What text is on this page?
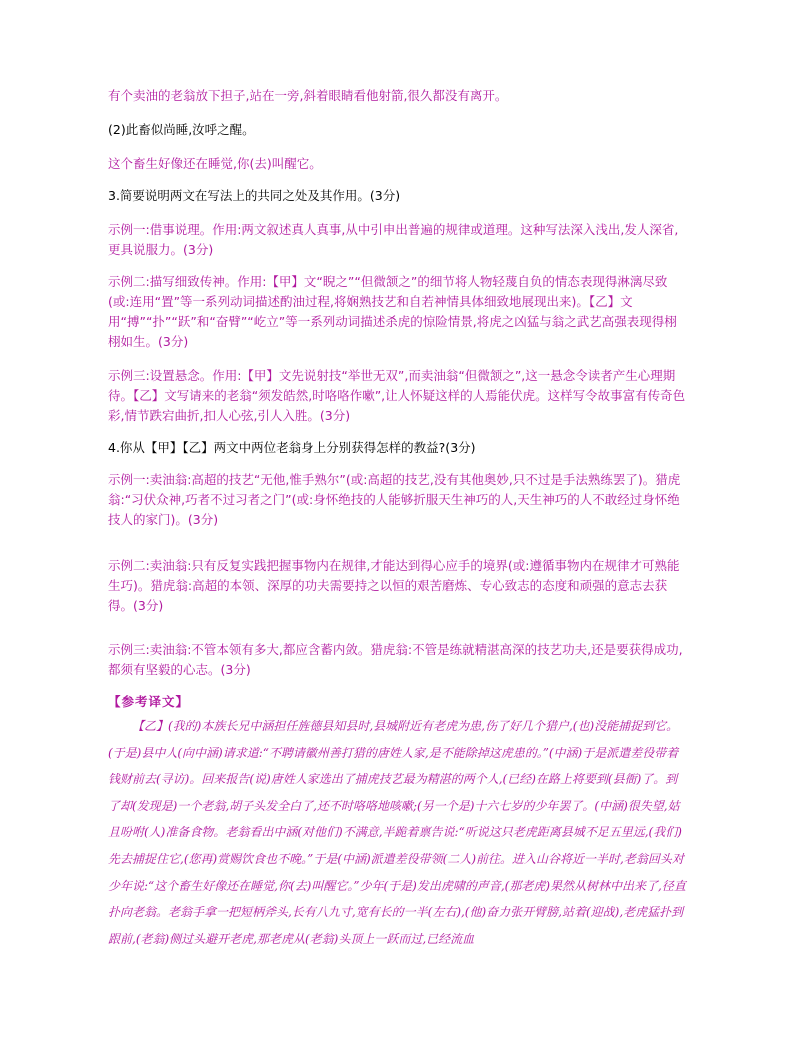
有个卖油的老翁放下担子,站在一旁,斜着眼睛看他射箭,很久都没有离开。

(2)此畜似尚睡,汝呼之醒。

这个畜生好像还在睡觉,你(去)叫醒它。

3.简要说明两文在写法上的共同之处及其作用。(3分)

示例一:借事说理。作用:两文叙述真人真事,从中引申出普遍的规律或道理。这种写法深入浅出,发人深省,更具说服力。(3分)

示例二:描写细致传神。作用:【甲】文“睨之”“但微颔之”的细节将人物轻蔑自负的情态表现得淋漓尽致(或:连用“置”等一系列动词描述酌油过程,将娴熟技艺和自若神情具体细致地展现出来)。【乙】文用“搏”“扑”“跃”和“奋臂”“屹立”等一系列动词描述杀虎的惊险情景,将虎之凶猛与翁之武艺高强表现得栩栩如生。(3分)

示例三:设置悬念。作用:【甲】文先说射技“举世无双”,而卖油翁“但微颔之”,这一悬念令读者产生心理期待。【乙】文写请来的老翁“须发皓然,时咯咯作嗽”,让人怀疑这样的人焉能伏虎。这样写令故事富有传奇色彩,情节跌宕曲折,扣人心弦,引人入胜。(3分)

4.你从【甲】【乙】两文中两位老翁身上分别获得怎样的教益?(3分)

示例一:卖油翁:高超的技艺“无他,惟手熟尔”(或:高超的技艺,没有其他奥妙,只不过是手法熟练罢了)。猎虎翁:“习伏众神,巧者不过习者之门”(或:身怀绝技的人能够折服天生神巧的人,天生神巧的人不敢经过身怀绝技人的家门)。(3分)

示例二:卖油翁:只有反复实践把握事物内在规律,才能达到得心应手的境界(或:遵循事物内在规律才可熟能生巧)。猎虎翁:高超的本领、深厚的功夫需要持之以恒的艰苦磨炼、专心致志的态度和顽强的意志去获得。(3分)

示例三:卖油翁:不管本领有多大,都应含蓄内敛。猎虎翁:不管是练就精湛高深的技艺功夫,还是要获得成功,都须有坚毅的心志。(3分)

【参考译文】

【乙】(我的)本族长兄中涵担任旌德县知县时,县城附近有老虎为患,伤了好几个猎户,(也)没能捕捉到它。(于是)县中人(向中涵)请求道:“不聘请徽州善打猎的唐姓人家,是不能除掉这虎患的。”(中涵)于是派遣差役带着钱财前去(寻访)。回来报告(说)唐姓人家选出了捕虎技艺最为精湛的两个人,(已经)在路上将要到(县衙)了。到了却(发现是)一个老翁,胡子头发全白了,还不时咯咯地咳嗽;(另一个是)十六七岁的少年罢了。(中涵)很失望,姑且吩咐(人)准备食物。老翁看出中涵(对他们)不满意,半跪着禀告说:“听说这只老虎距离县城不足五里远,(我们)先去捕捉住它,(您再)赏赐饮食也不晚。”于是(中涵)派遣差役带领(二人)前往。进入山谷将近一半时,老翁回头对少年说:“这个畜生好像还在睡觉,你(去)叫醒它。”少年(于是)发出虎啸的声音,(那老虎)果然从树林中出来了,径直扑向老翁。老翁手拿一把短柄斧头,长有八九寸,宽有长的一半(左右),(他)奋力张开臂膀,站着(迎战),老虎猛扑到跟前,(老翁)侧过头避开老虎,那老虎从(老翁)头顶上一跃而过,已经流血
